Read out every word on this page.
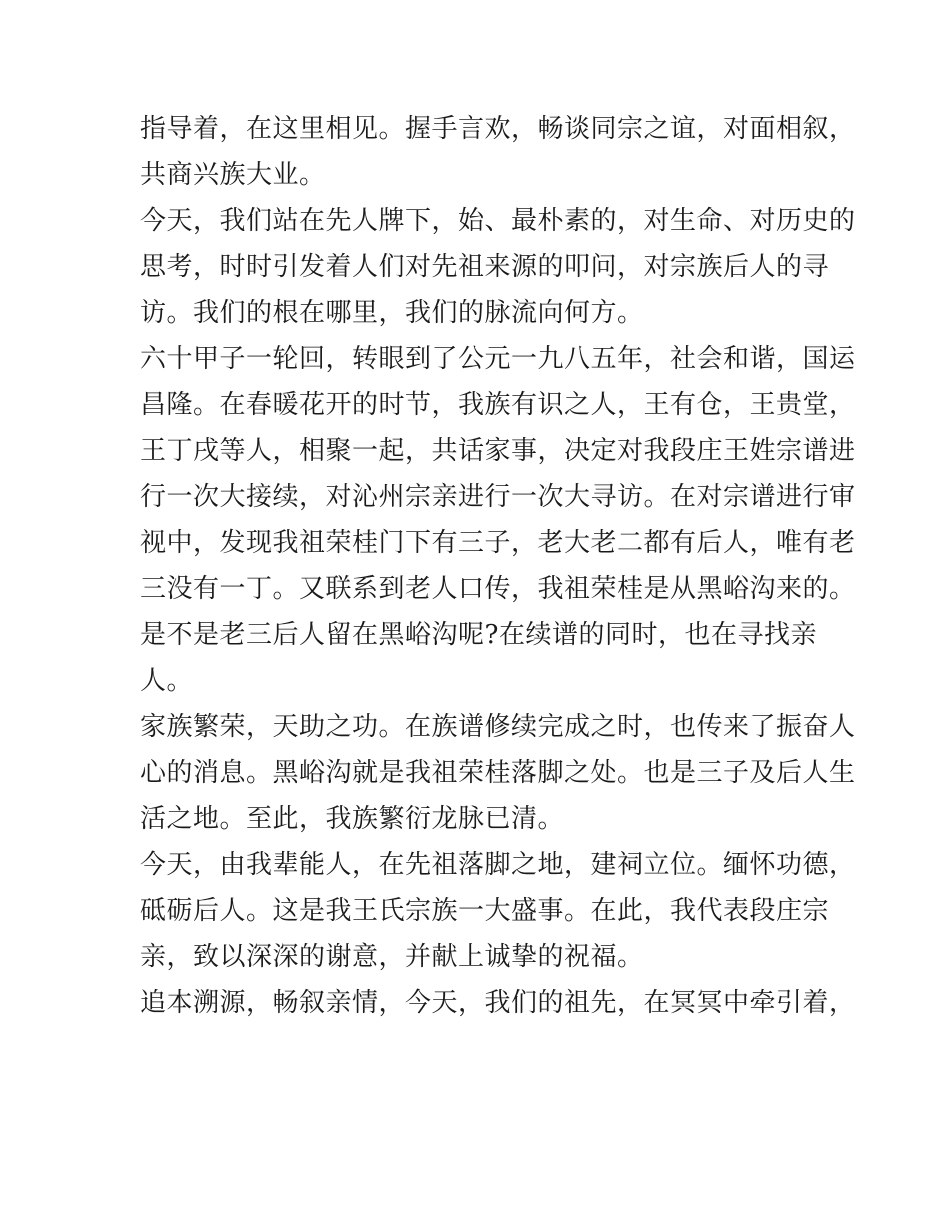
指导着，在这里相见。握手言欢，畅谈同宗之谊，对面相叙，
共商兴族大业。
今天，我们站在先人牌下，始、最朴素的，对生命、对历史的
思考，时时引发着人们对先祖来源的叩问，对宗族后人的寻
访。我们的根在哪里，我们的脉流向何方。
六十甲子一轮回，转眼到了公元一九八五年，社会和谐，国运
昌隆。在春暖花开的时节，我族有识之人，王有仓，王贵堂，
王丁戌等人，相聚一起，共话家事，决定对我段庄王姓宗谱进
行一次大接续，对沁州宗亲进行一次大寻访。在对宗谱进行审
视中，发现我祖荣桂门下有三子，老大老二都有后人，唯有老
三没有一丁。又联系到老人口传，我祖荣桂是从黑峪沟来的。
是不是老三后人留在黑峪沟呢?在续谱的同时，也在寻找亲
人。
家族繁荣，天助之功。在族谱修续完成之时，也传来了振奋人
心的消息。黑峪沟就是我祖荣桂落脚之处。也是三子及后人生
活之地。至此，我族繁衍龙脉已清。
今天，由我辈能人，在先祖落脚之地，建祠立位。缅怀功德，
砥砺后人。这是我王氏宗族一大盛事。在此，我代表段庄宗
亲，致以深深的谢意，并献上诚挚的祝福。
追本溯源，畅叙亲情，今天，我们的祖先，在冥冥中牵引着，
